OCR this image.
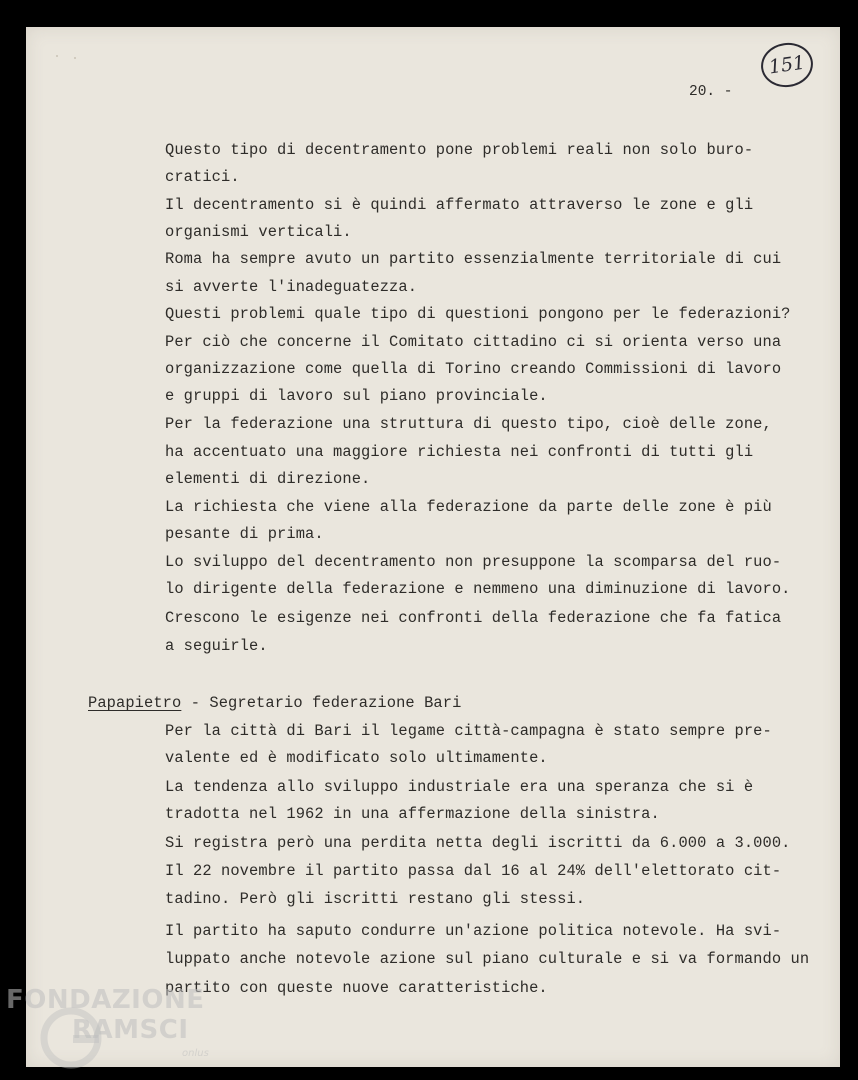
20. -
151
Questo tipo di decentramento pone problemi reali non solo buro-
cratici.
Il decentramento si è quindi affermato attraverso le zone e gli
organismi verticali.
Roma ha sempre avuto un partito essenzialmente territoriale di cui
si avverte l'inadeguatezza.
Questi problemi quale tipo di questioni pongono per le federazioni?
Per ciò che concerne il Comitato cittadino ci si orienta verso una
organizzazione come quella di Torino creando Commissioni di lavoro
e gruppi di lavoro sul piano provinciale.
Per la federazione una struttura di questo tipo, cioè delle zone,
ha accentuato una maggiore richiesta nei confronti di tutti gli
elementi di direzione.
La richiesta che viene alla federazione da parte delle zone è più
pesante di prima.
Lo sviluppo del decentramento non presuppone la scomparsa del ruo-
lo dirigente della federazione e nemmeno una diminuzione di lavoro.
Crescono le esigenze nei confronti della federazione che fa fatica
a seguirle.
Papapietro - Segretario federazione Bari
Per la città di Bari il legame città-campagna è stato sempre pre-
valente ed è modificato solo ultimamente.
La tendenza allo sviluppo industriale era una speranza che si è
tradotta nel 1962 in una affermazione della sinistra.
Si registra però una perdita netta degli iscritti da 6.000 a 3.000.
Il 22 novembre il partito passa dal 16 al 24% dell'elettorato cit-
tadino. Però gli iscritti restano gli stessi.
Il partito ha saputo condurre un'azione politica notevole. Ha svi-
luppato anche notevole azione sul piano culturale e si va formando un
partito con queste nuove caratteristiche.
FONDAZIONE
RAMSCI
onlus
